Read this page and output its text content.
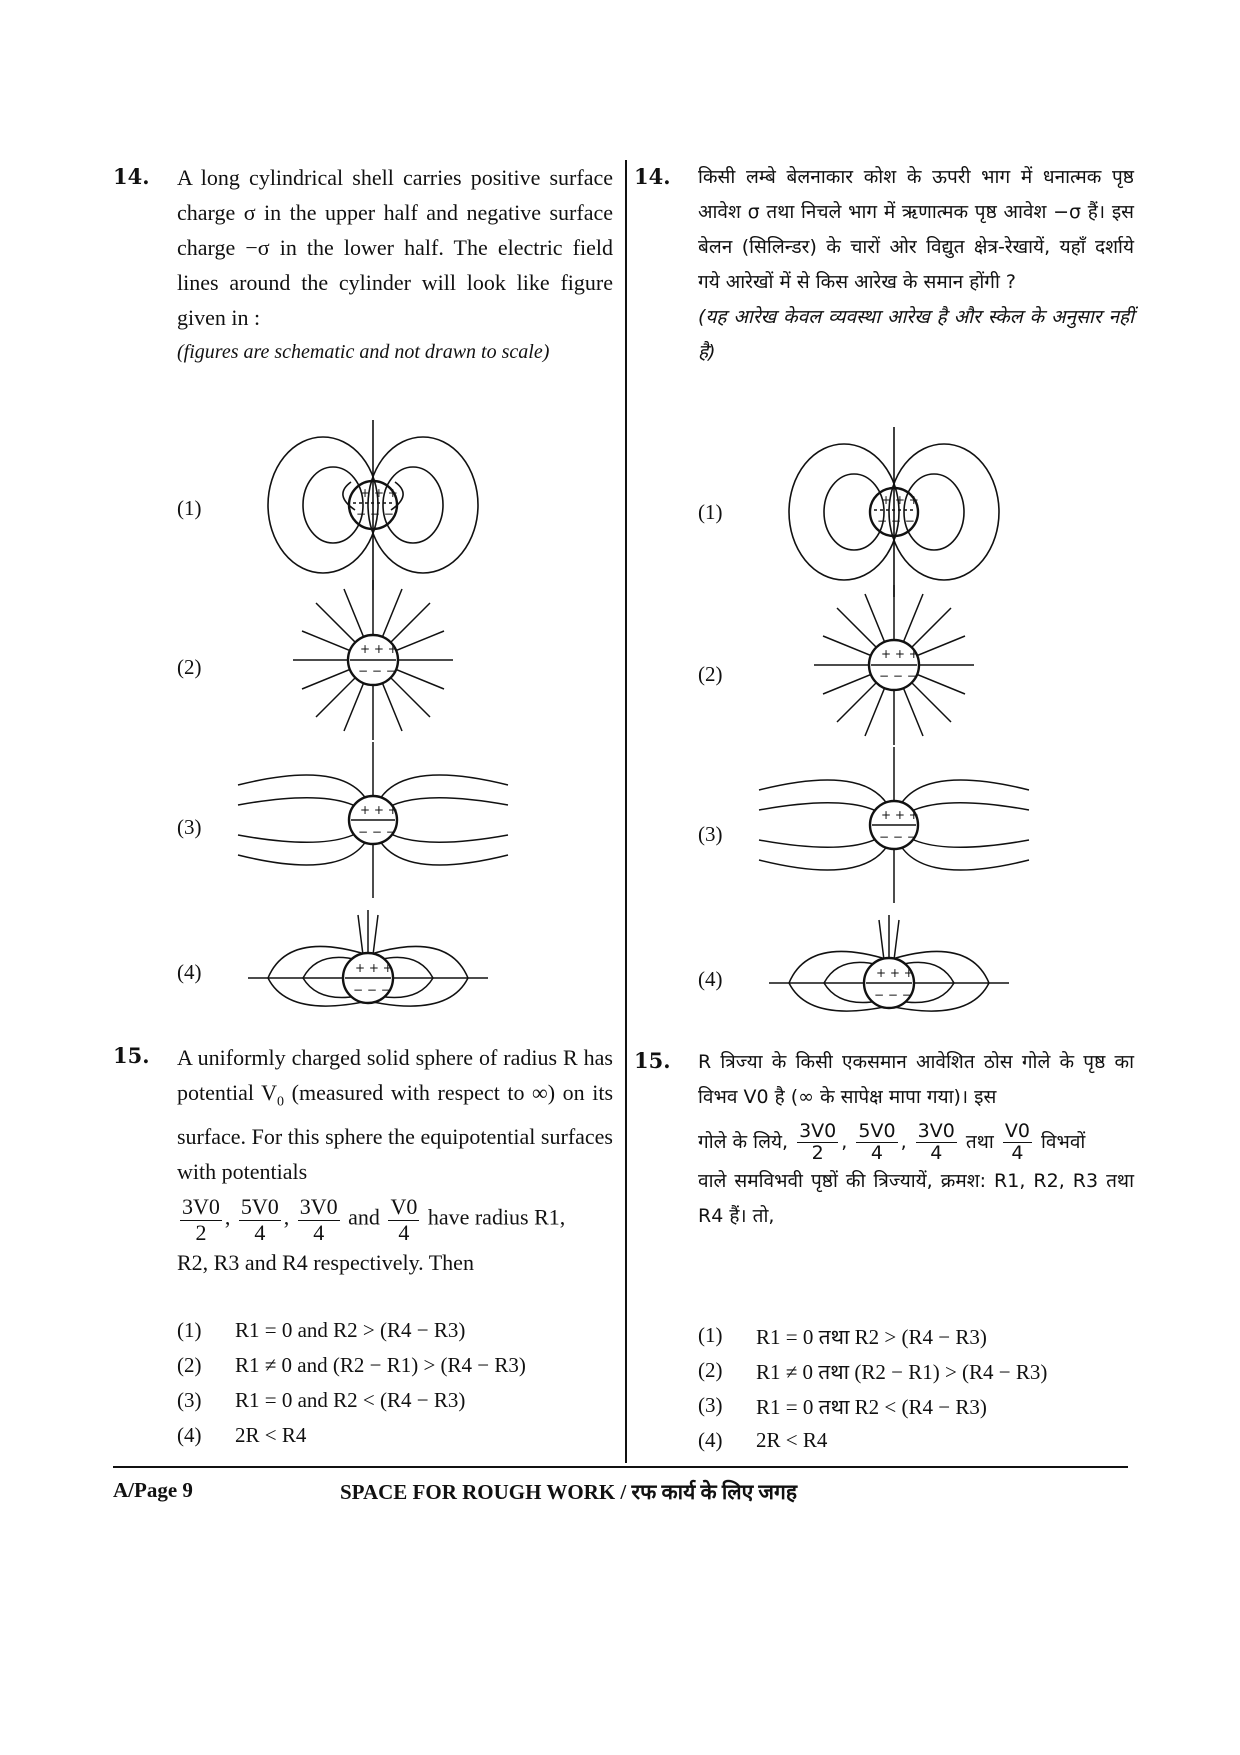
14. A long cylindrical shell carries positive surface charge σ in the upper half and negative surface charge −σ in the lower half. The electric field lines around the cylinder will look like figure given in :
(figures are schematic and not drawn to scale)
(1)
(2)
(3)
(4)
+ + +
− − −
+ + +
− − −
+ + +
− − −
+ + +
− − −
15. A uniformly charged solid sphere of radius R has potential $V_0$ (measured with respect to ∞) on its surface. For this sphere the equipotential surfaces with potentials
$\frac{3V0}{2}$ , $\frac{5V0}{4}$ , $\frac{3V0}{4}$ and $\frac{V0}{4}$ have radius R1,
R2, R3 and R4 respectively. Then
(1)	R1 = 0 and R2 > (R4 − R3)
(2)	R1 ≠ 0 and (R2 − R1) > (R4 − R3)
(3)	R1 = 0 and R2 < (R4 − R3)
(4)	2R < R4
14. किसी लम्बे बेलनाकार कोश के ऊपरी भाग में धनात्मक पृष्ठ आवेश σ तथा निचले भाग में ऋणात्मक पृष्ठ आवेश −σ हैं। इस बेलन (सिलिन्डर) के चारों ओर विद्युत क्षेत्र-रेखायें, यहाँ दर्शाये गये आरेखों में से किस आरेख के समान होंगी ?
(यह आरेख केवल व्यवस्था आरेख है और स्केल के अनुसार नहीं है)
(1)
(2)
(3)
(4)
+ + +
− − −
+ + +
− − −
+ + +
− − −
+ + +
− − −
15. R त्रिज्या के किसी एकसमान आवेशित ठोस गोले के पृष्ठ का विभव V0 है (∞ के सापेक्ष मापा गया)। इस
गोले के लिये, $\frac{3V0}{2}$ , $\frac{5V0}{4}$ , $\frac{3V0}{4}$ तथा $\frac{V0}{4}$ विभवों
वाले समविभवी पृष्ठों की त्रिज्यायें, क्रमश: R1, R2, R3 तथा R4 हैं। तो,
(1)	R1 = 0 तथा R2 > (R4 − R3)
(2)	R1 ≠ 0 तथा (R2 − R1) > (R4 − R3)
(3)	R1 = 0 तथा R2 < (R4 − R3)
(4)	2R < R4
A/Page 9	SPACE FOR ROUGH WORK / रफ कार्य के लिए जगह
